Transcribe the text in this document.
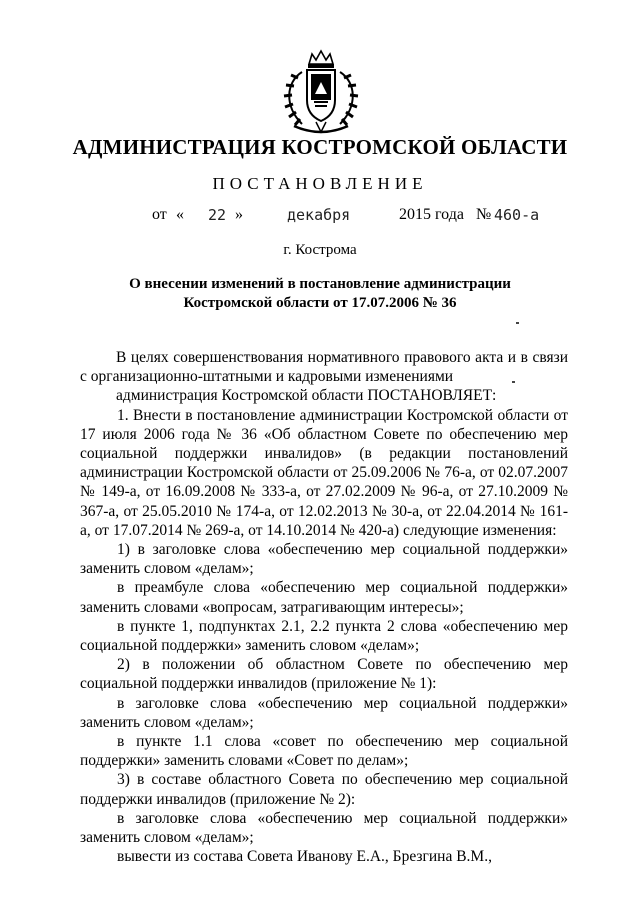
АДМИНИСТРАЦИЯ КОСТРОМСКОЙ ОБЛАСТИ
ПОСТАНОВЛЕНИЕ
от « 22 »	декабря	2015 года № 460-а
г. Кострома
О внесении изменений в постановление администрации
Костромской области от 17.07.2006 № 36

В целях совершенствования нормативного правового акта и в связи с организационно-штатными и кадровыми изменениями

администрация Костромской области ПОСТАНОВЛЯЕТ:

1. Внести в постановление администрации Костромской области от 17 июля 2006 года № 36 «Об областном Совете по обеспечению мер социальной поддержки инвалидов» (в редакции постановлений администрации Костромской области от 25.09.2006 № 76-а, от 02.07.2007 № 149-а, от 16.09.2008 № 333-а, от 27.02.2009 № 96-а, от 27.10.2009 № 367-а, от 25.05.2010 № 174-а, от 12.02.2013 № 30-а, от 22.04.2014 № 161-а, от 17.07.2014 № 269-а, от 14.10.2014 № 420-а) следующие изменения:

1) в заголовке слова «обеспечению мер социальной поддержки» заменить словом «делам»;

в преамбуле слова «обеспечению мер социальной поддержки» заменить словами «вопросам, затрагивающим интересы»;

в пункте 1, подпунктах 2.1, 2.2 пункта 2 слова «обеспечению мер социальной поддержки» заменить словом «делам»;

2) в положении об областном Совете по обеспечению мер социальной поддержки инвалидов (приложение № 1):

в заголовке слова «обеспечению мер социальной поддержки» заменить словом «делам»;

в пункте 1.1 слова «совет по обеспечению мер социальной поддержки» заменить словами «Совет по делам»;

3) в составе областного Совета по обеспечению мер социальной поддержки инвалидов (приложение № 2):

в заголовке слова «обеспечению мер социальной поддержки» заменить словом «делам»;

вывести из состава Совета Иванову Е.А., Брезгина В.М.,
